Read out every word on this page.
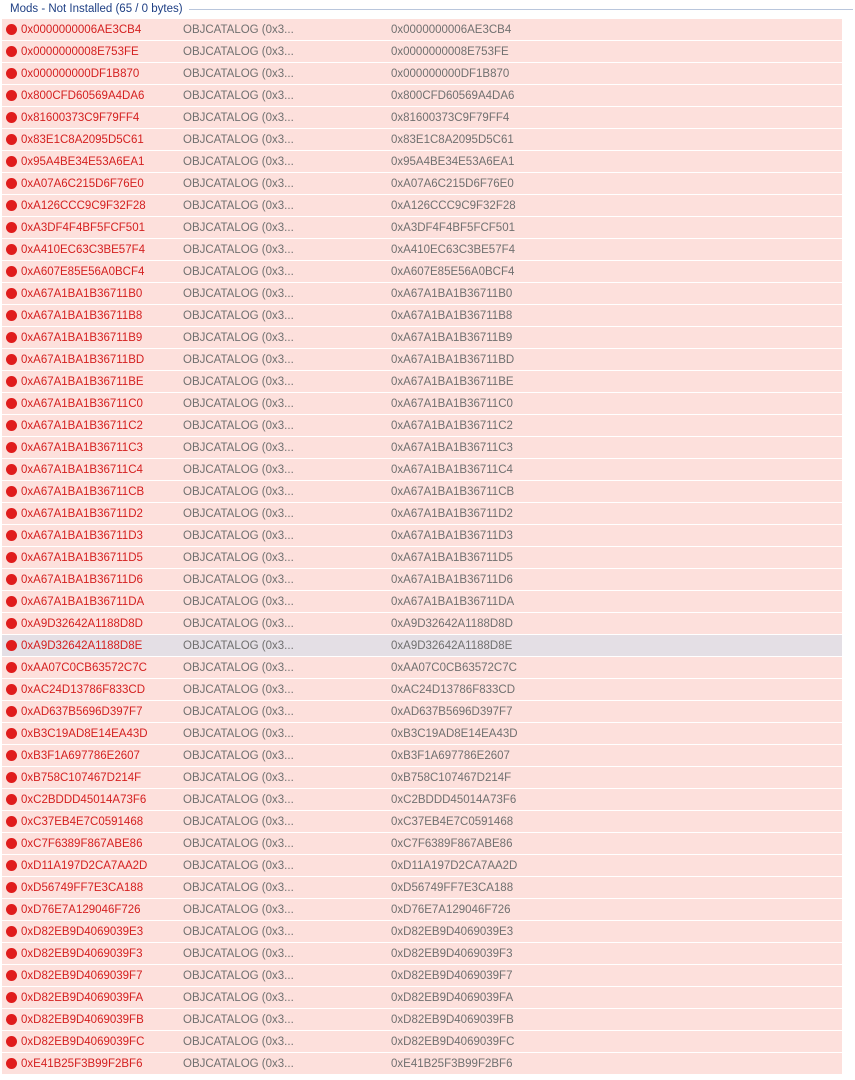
Mods - Not Installed (65 / 0 bytes)
0x0000000006AE3CB4	OBJCATALOG (0x3...	0x0000000006AE3CB4
0x0000000008E753FE	OBJCATALOG (0x3...	0x0000000008E753FE
0x000000000DF1B870	OBJCATALOG (0x3...	0x000000000DF1B870
0x800CFD60569A4DA6	OBJCATALOG (0x3...	0x800CFD60569A4DA6
0x81600373C9F79FF4	OBJCATALOG (0x3...	0x81600373C9F79FF4
0x83E1C8A2095D5C61	OBJCATALOG (0x3...	0x83E1C8A2095D5C61
0x95A4BE34E53A6EA1	OBJCATALOG (0x3...	0x95A4BE34E53A6EA1
0xA07A6C215D6F76E0	OBJCATALOG (0x3...	0xA07A6C215D6F76E0
0xA126CCC9C9F32F28	OBJCATALOG (0x3...	0xA126CCC9C9F32F28
0xA3DF4F4BF5FCF501	OBJCATALOG (0x3...	0xA3DF4F4BF5FCF501
0xA410EC63C3BE57F4	OBJCATALOG (0x3...	0xA410EC63C3BE57F4
0xA607E85E56A0BCF4	OBJCATALOG (0x3...	0xA607E85E56A0BCF4
0xA67A1BA1B36711B0	OBJCATALOG (0x3...	0xA67A1BA1B36711B0
0xA67A1BA1B36711B8	OBJCATALOG (0x3...	0xA67A1BA1B36711B8
0xA67A1BA1B36711B9	OBJCATALOG (0x3...	0xA67A1BA1B36711B9
0xA67A1BA1B36711BD	OBJCATALOG (0x3...	0xA67A1BA1B36711BD
0xA67A1BA1B36711BE	OBJCATALOG (0x3...	0xA67A1BA1B36711BE
0xA67A1BA1B36711C0	OBJCATALOG (0x3...	0xA67A1BA1B36711C0
0xA67A1BA1B36711C2	OBJCATALOG (0x3...	0xA67A1BA1B36711C2
0xA67A1BA1B36711C3	OBJCATALOG (0x3...	0xA67A1BA1B36711C3
0xA67A1BA1B36711C4	OBJCATALOG (0x3...	0xA67A1BA1B36711C4
0xA67A1BA1B36711CB	OBJCATALOG (0x3...	0xA67A1BA1B36711CB
0xA67A1BA1B36711D2	OBJCATALOG (0x3...	0xA67A1BA1B36711D2
0xA67A1BA1B36711D3	OBJCATALOG (0x3...	0xA67A1BA1B36711D3
0xA67A1BA1B36711D5	OBJCATALOG (0x3...	0xA67A1BA1B36711D5
0xA67A1BA1B36711D6	OBJCATALOG (0x3...	0xA67A1BA1B36711D6
0xA67A1BA1B36711DA	OBJCATALOG (0x3...	0xA67A1BA1B36711DA
0xA9D32642A1188D8D	OBJCATALOG (0x3...	0xA9D32642A1188D8D
0xA9D32642A1188D8E	OBJCATALOG (0x3...	0xA9D32642A1188D8E
0xAA07C0CB63572C7C	OBJCATALOG (0x3...	0xAA07C0CB63572C7C
0xAC24D13786F833CD	OBJCATALOG (0x3...	0xAC24D13786F833CD
0xAD637B5696D397F7	OBJCATALOG (0x3...	0xAD637B5696D397F7
0xB3C19AD8E14EA43D	OBJCATALOG (0x3...	0xB3C19AD8E14EA43D
0xB3F1A697786E2607	OBJCATALOG (0x3...	0xB3F1A697786E2607
0xB758C107467D214F	OBJCATALOG (0x3...	0xB758C107467D214F
0xC2BDDD45014A73F6	OBJCATALOG (0x3...	0xC2BDDD45014A73F6
0xC37EB4E7C0591468	OBJCATALOG (0x3...	0xC37EB4E7C0591468
0xC7F6389F867ABE86	OBJCATALOG (0x3...	0xC7F6389F867ABE86
0xD11A197D2CA7AA2D	OBJCATALOG (0x3...	0xD11A197D2CA7AA2D
0xD56749FF7E3CA188	OBJCATALOG (0x3...	0xD56749FF7E3CA188
0xD76E7A129046F726	OBJCATALOG (0x3...	0xD76E7A129046F726
0xD82EB9D4069039E3	OBJCATALOG (0x3...	0xD82EB9D4069039E3
0xD82EB9D4069039F3	OBJCATALOG (0x3...	0xD82EB9D4069039F3
0xD82EB9D4069039F7	OBJCATALOG (0x3...	0xD82EB9D4069039F7
0xD82EB9D4069039FA	OBJCATALOG (0x3...	0xD82EB9D4069039FA
0xD82EB9D4069039FB	OBJCATALOG (0x3...	0xD82EB9D4069039FB
0xD82EB9D4069039FC	OBJCATALOG (0x3...	0xD82EB9D4069039FC
0xE41B25F3B99F2BF6	OBJCATALOG (0x3...	0xE41B25F3B99F2BF6
